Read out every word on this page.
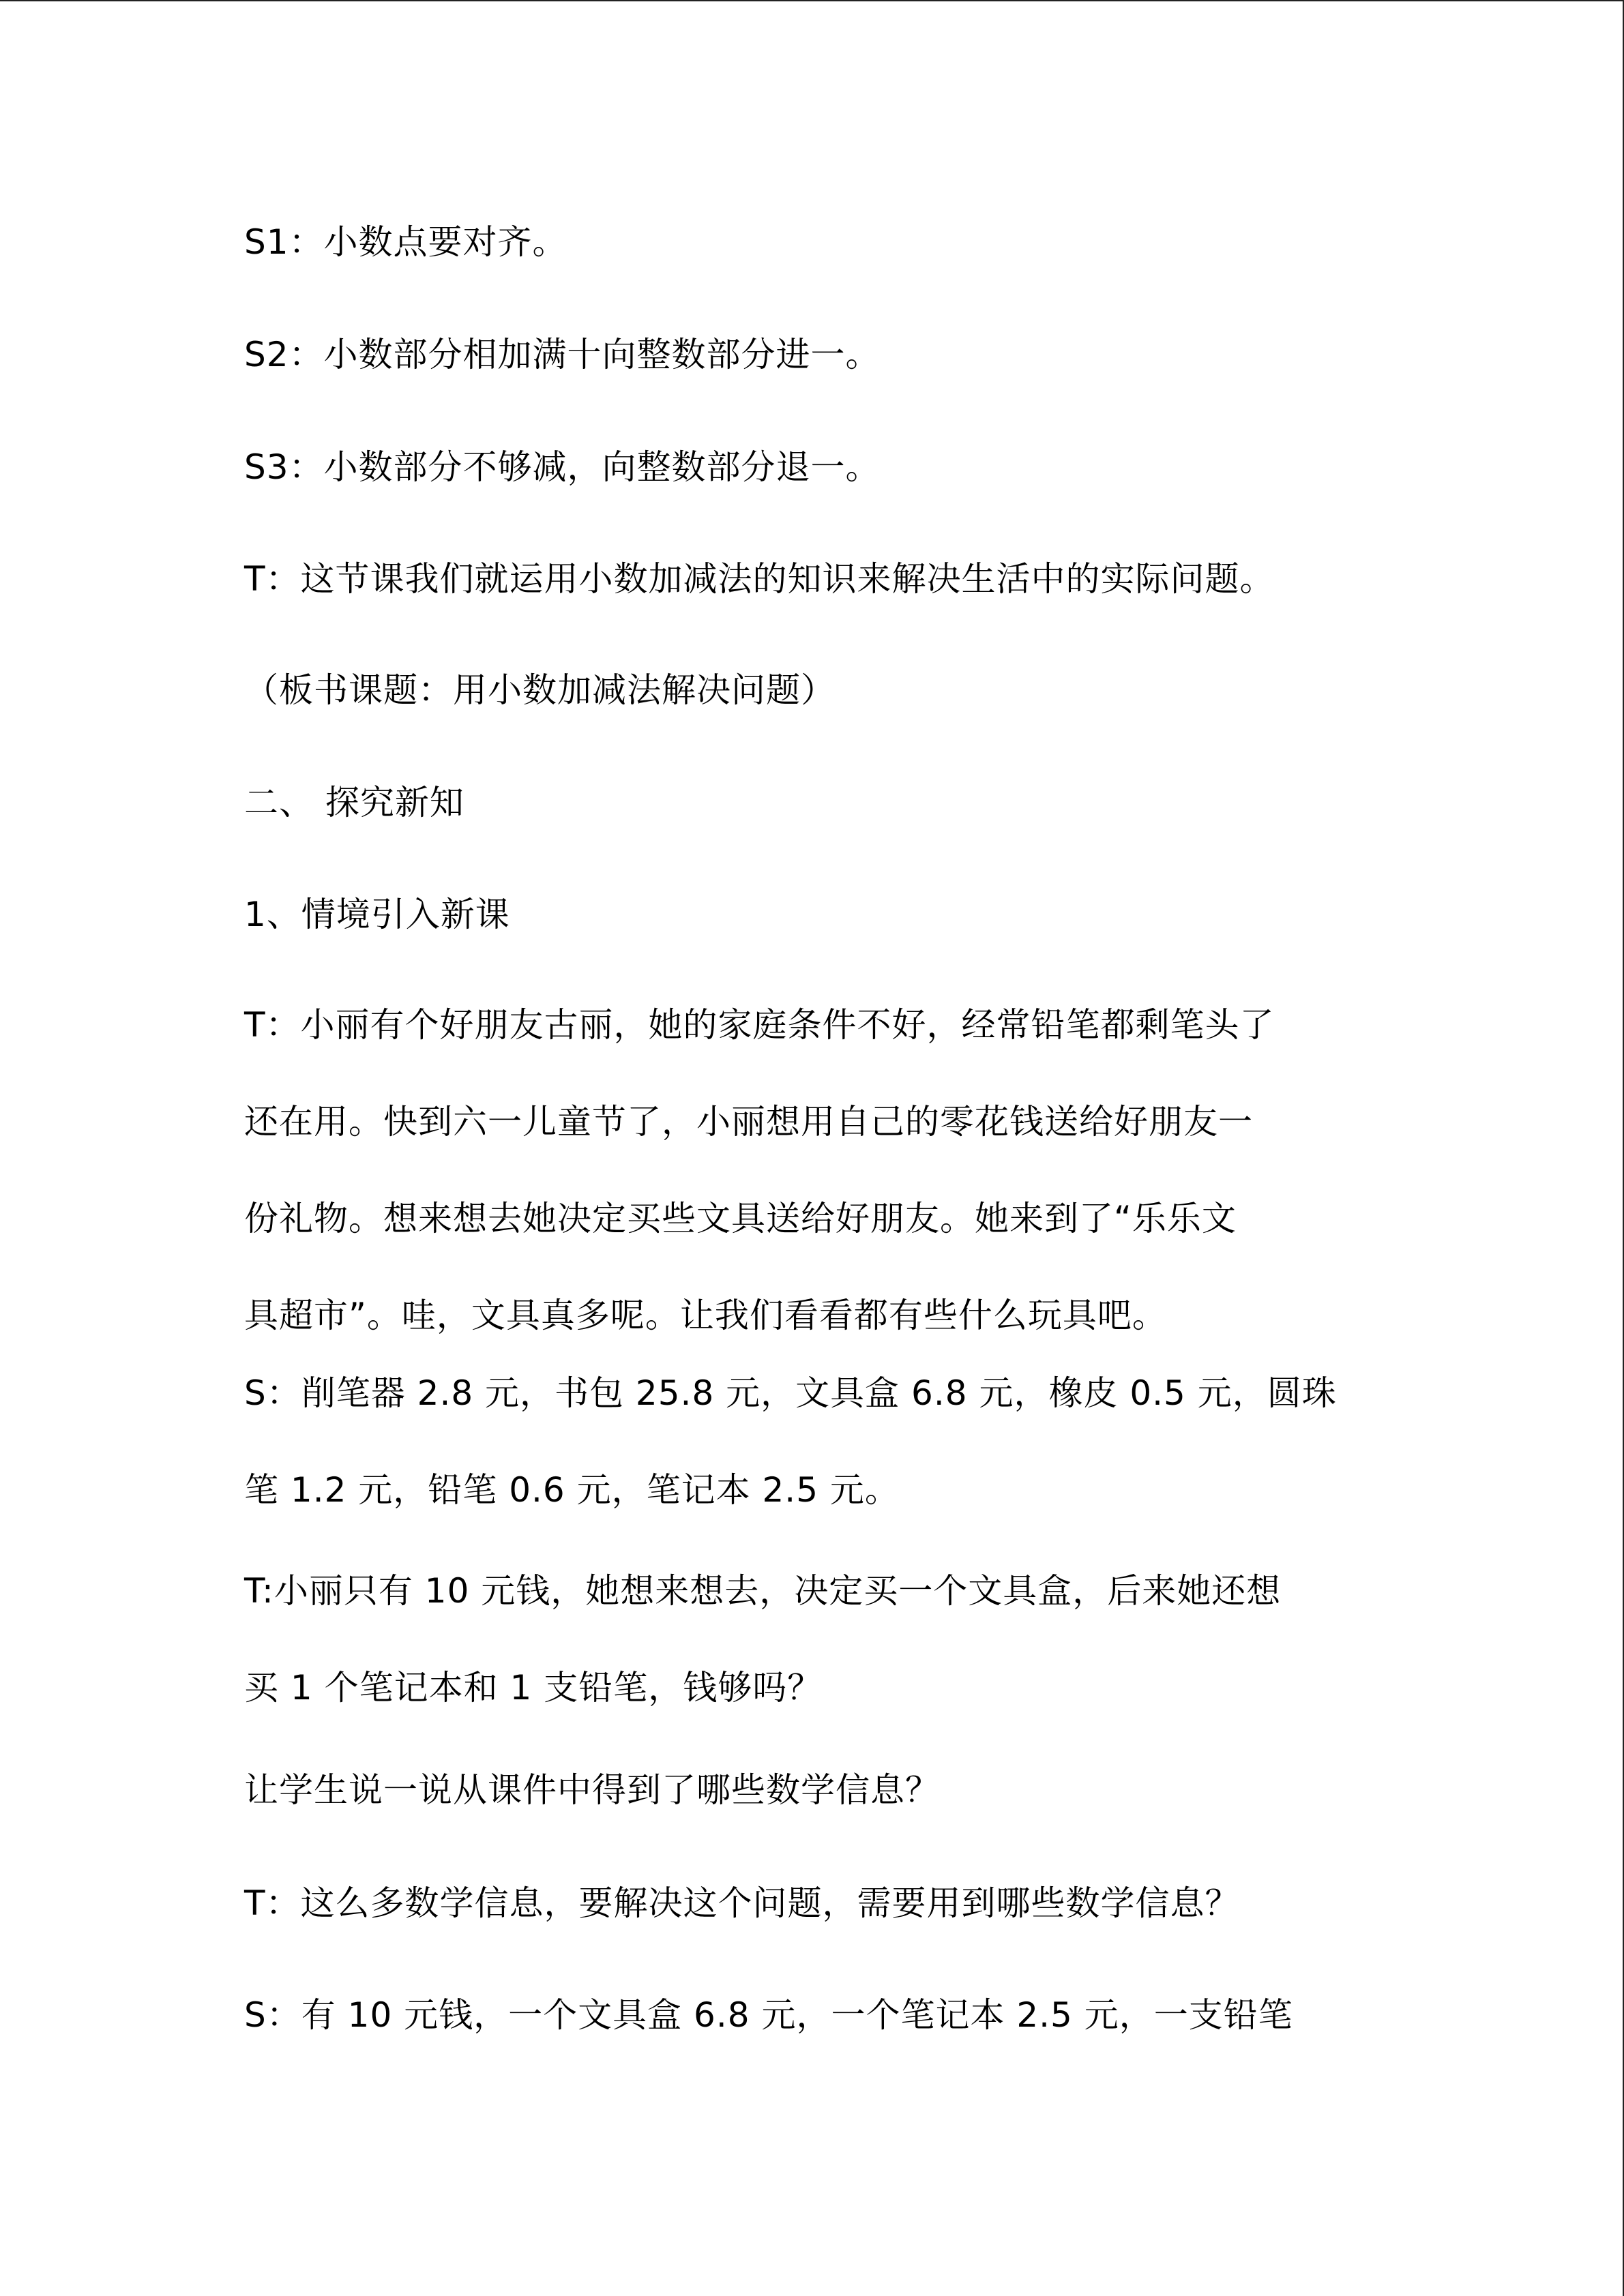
S1：小数点要对齐。
S2：小数部分相加满十向整数部分进一。
S3：小数部分不够减，向整数部分退一。
T：这节课我们就运用小数加减法的知识来解决生活中的实际问题。
（板书课题：用小数加减法解决问题）
二、 探究新知
1、情境引入新课
T：小丽有个好朋友古丽，她的家庭条件不好，经常铅笔都剩笔头了
还在用。快到六一儿童节了，小丽想用自己的零花钱送给好朋友一
份礼物。想来想去她决定买些文具送给好朋友。她来到了“乐乐文
具超市”。哇，文具真多呢。让我们看看都有些什么玩具吧。
S：削笔器 2.8 元，书包 25.8 元，文具盒 6.8 元，橡皮 0.5 元，圆珠
笔 1.2 元，铅笔 0.6 元，笔记本 2.5 元。
T:小丽只有 10 元钱，她想来想去，决定买一个文具盒，后来她还想
买 1 个笔记本和 1 支铅笔，钱够吗？
让学生说一说从课件中得到了哪些数学信息？
T：这么多数学信息，要解决这个问题，需要用到哪些数学信息？
S：有 10 元钱，一个文具盒 6.8 元，一个笔记本 2.5 元，一支铅笔
